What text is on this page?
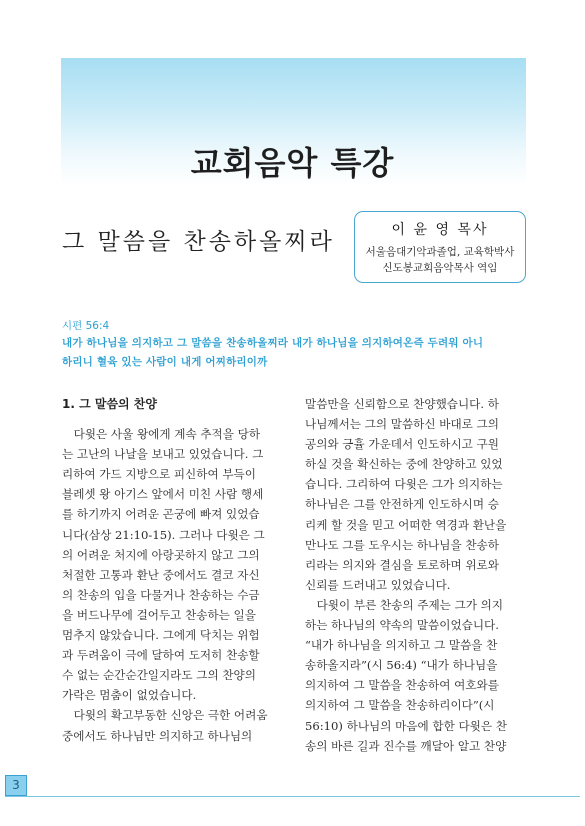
교회음악 특강
그 말씀을 찬송하올찌라	이 윤 영 목사
서울음대기악과졸업, 교육학박사
신도봉교회음악목사 역임
시편 56:4
내가 하나님을 의지하고 그 말씀을 찬송하올찌라 내가 하나님을 의지하여온즉 두려워 아니
하리니 혈육 있는 사람이 내게 어찌하리이까
1. 그 말씀의 찬양
　다윗은 사울 왕에게 계속 추적을 당하
는 고난의 나날을 보내고 있었습니다. 그
리하여 가드 지방으로 피신하여 부득이
블레셋 왕 아기스 앞에서 미친 사람 행세
를 하기까지 어려운 곤궁에 빠져 있었습
니다(삼상 21:10-15). 그러나 다윗은 그
의 어려운 처지에 아랑곳하지 않고 그의
처절한 고통과 환난 중에서도 결코 자신
의 찬송의 입을 다물거나 찬송하는 수금
을 버드나무에 걸어두고 찬송하는 일을
멈추지 않았습니다. 그에게 닥치는 위험
과 두려움이 극에 달하여 도저히 찬송할
수 없는 순간순간일지라도 그의 찬양의
가락은 멈춤이 없었습니다.
　다윗의 확고부동한 신앙은 극한 어려움
중에서도 하나님만 의지하고 하나님의
말씀만을 신뢰함으로 찬양했습니다. 하
나님께서는 그의 말씀하신 바대로 그의
공의와 긍휼 가운데서 인도하시고 구원
하실 것을 확신하는 중에 찬양하고 있었
습니다. 그리하여 다윗은 그가 의지하는
하나님은 그를 안전하게 인도하시며 승
리케 할 것을 믿고 어떠한 역경과 환난을
만나도 그를 도우시는 하나님을 찬송하
리라는 의지와 결심을 토로하며 위로와
신뢰를 드러내고 있었습니다.
　다윗이 부른 찬송의 주제는 그가 의지
하는 하나님의 약속의 말씀이었습니다.
“내가 하나님을 의지하고 그 말씀을 찬
송하올지라”(시 56:4) “내가 하나님을
의지하여 그 말씀을 찬송하여 여호와를
의지하여 그 말씀을 찬송하리이다”(시
56:10) 하나님의 마음에 합한 다윗은 찬
송의 바른 길과 진수를 깨달아 알고 찬양
3
